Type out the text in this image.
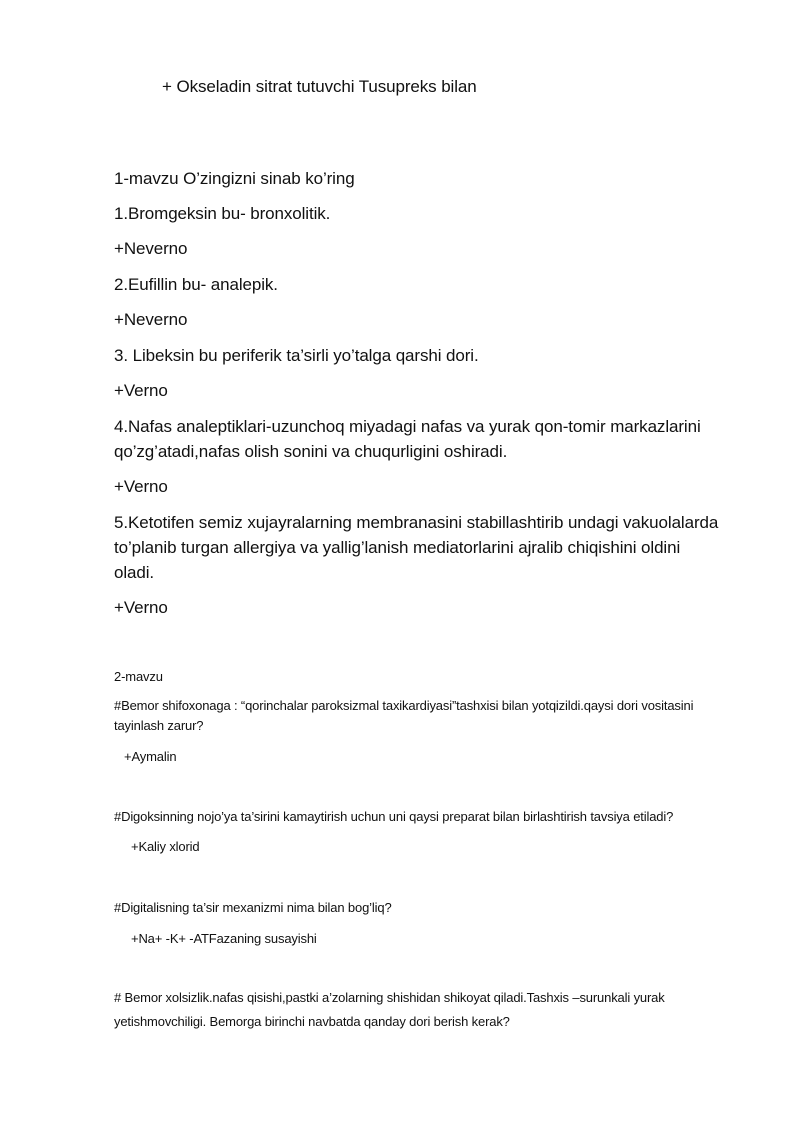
+ Okseladin sitrat tutuvchi Tusupreks bilan
1-mavzu O’zingizni sinab ko’ring
1.Bromgeksin bu- bronxolitik.
+Neverno
2.Eufillin bu- analepik.
+Neverno
3. Libeksin bu periferik ta’sirli yo’talga qarshi dori.
+Verno
4.Nafas analeptiklari-uzunchoq miyadagi nafas va yurak qon-tomir markazlarini
qo’zg’atadi,nafas olish sonini va chuqurligini oshiradi.
+Verno
5.Ketotifen semiz xujayralarning membranasini stabillashtirib undagi vakuolalarda
to’planib turgan allergiya va yallig’lanish mediatorlarini ajralib chiqishini oldini
oladi.
+Verno
2-mavzu
#Bemor shifoxonaga : “qorinchalar paroksizmal taxikardiyasi”tashxisi bilan yotqizildi.qaysi dori vositasini
tayinlash zarur?
+Aymalin
#Digoksinning nojo’ya ta’sirini kamaytirish uchun uni qaysi preparat bilan birlashtirish tavsiya etiladi?
+Kaliy xlorid
#Digitalisning ta’sir mexanizmi nima bilan bog’liq?
+Na+ -K+ -ATFazaning susayishi
# Bemor xolsizlik.nafas qisishi,pastki a’zolarning shishidan shikoyat qiladi.Tashxis –surunkali yurak
yetishmovchiligi. Bemorga birinchi navbatda qanday dori berish kerak?
